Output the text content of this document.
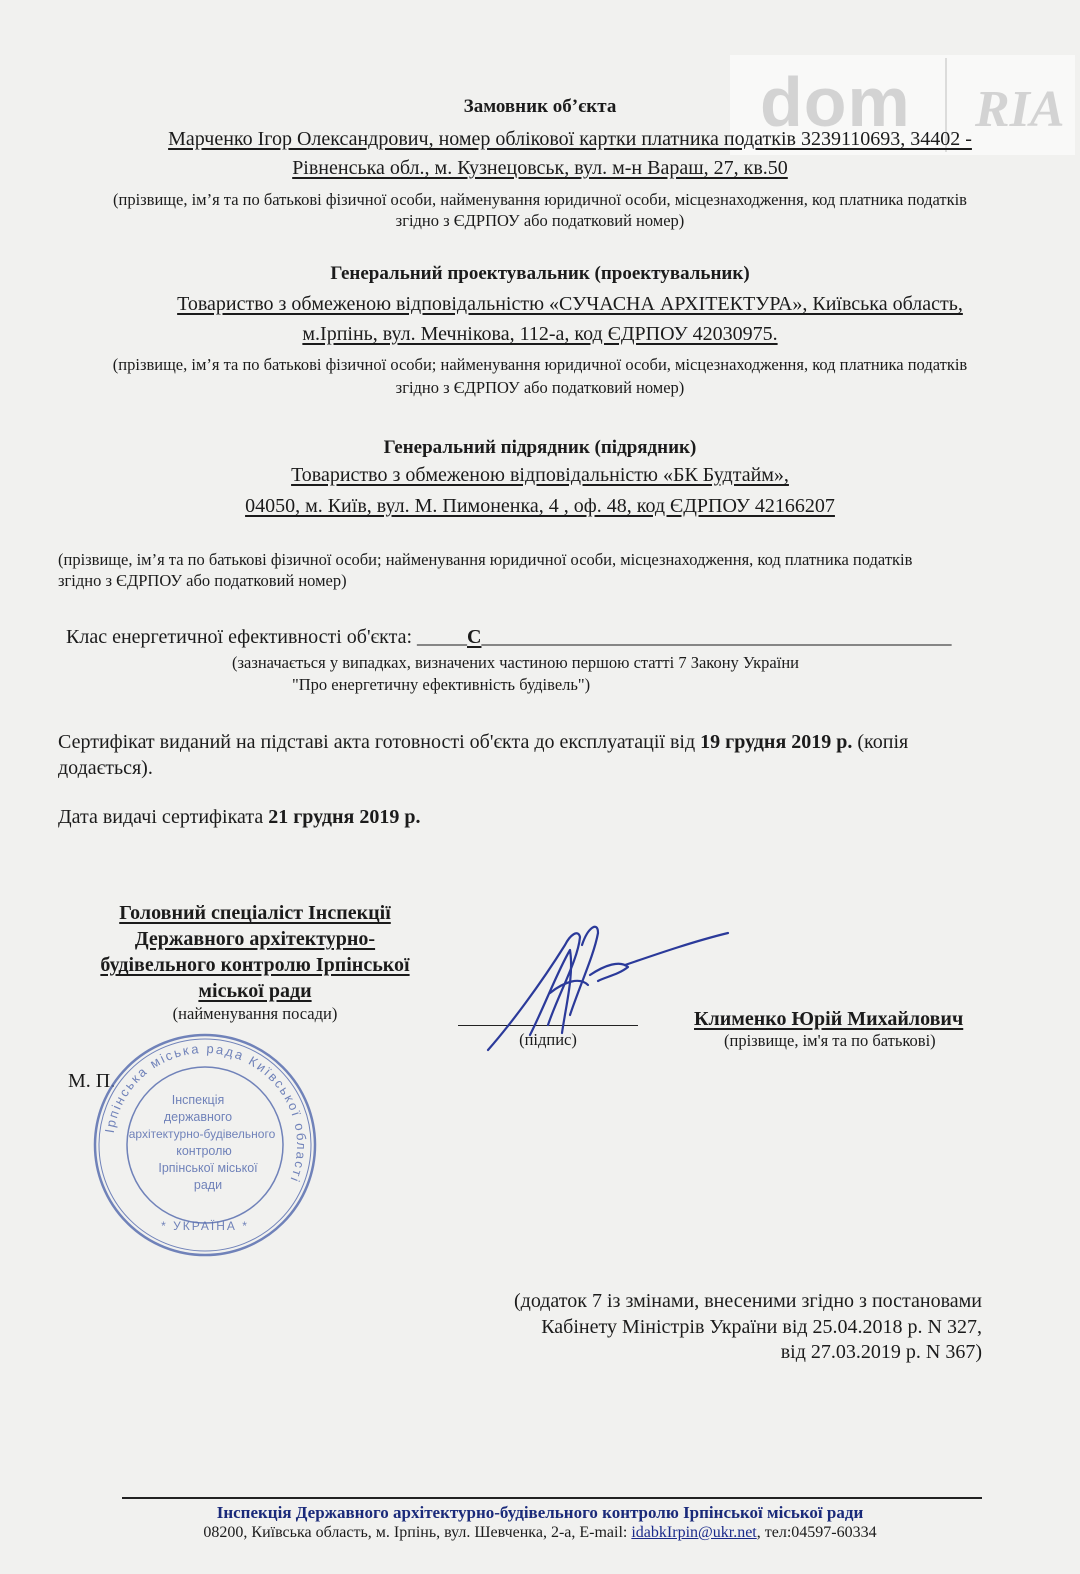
dom RIA
Замовник об’єкта
Марченко Ігор Олександрович, номер облікової картки платника податків 3239110693, 34402 -
Рівненська обл., м. Кузнецовськ, вул. м-н Вараш, 27, кв.50
(прізвище, ім’я та по батькові фізичної особи, найменування юридичної особи, місцезнаходження, код платника податків
згідно з ЄДРПОУ або податковий номер)
Генеральний проектувальник (проектувальник)
Товариство з обмеженою відповідальністю «СУЧАСНА АРХІТЕКТУРА», Київська область,
м.Ірпінь, вул. Мечнікова, 112-а, код ЄДРПОУ 42030975.
(прізвище, ім’я та по батькові фізичної особи; найменування юридичної особи, місцезнаходження, код платника податків
згідно з ЄДРПОУ або податковий номер)
Генеральний підрядник (підрядник)
Товариство з обмеженою відповідальністю «БК Будтайм»,
04050, м. Київ, вул. М. Пимоненка, 4 , оф. 48, код ЄДРПОУ 42166207
(прізвище, ім’я та по батькові фізичної особи; найменування юридичної особи, місцезнаходження, код платника податків
згідно з ЄДРПОУ або податковий номер)
Клас енергетичної ефективності об'єкта: _____С_______________________________________________
(зазначається у випадках, визначених частиною першою статті 7 Закону України
"Про енергетичну ефективність будівель")
Сертифікат виданий на підставі акта готовності об'єкта до експлуатації від 19 грудня 2019 р. (копія
додається).
Дата видачі сертифіката 21 грудня 2019 р.
Головний спеціаліст Інспекції
Державного архітектурно-
будівельного контролю Ірпінської
міської ради
(найменування посади)
(підпис)
Клименко Юрій Михайлович
(прізвище, ім'я та по батькові)
М. П.
Ірпінська міська рада Київської області
* УКРАЇНА *
Інспекція
державного
архітектурно-будівельного
контролю
Ірпінської міської
ради
(додаток 7 із змінами, внесеними згідно з постановами
Кабінету Міністрів України від 25.04.2018 р. N 327,
від 27.03.2019 р. N 367)
Інспекція Державного архітектурно-будівельного контролю Ірпінської міської ради
08200, Київська область, м. Ірпінь, вул. Шевченка, 2-а, E-mail: idabkIrpin@ukr.net, тел:04597-60334
